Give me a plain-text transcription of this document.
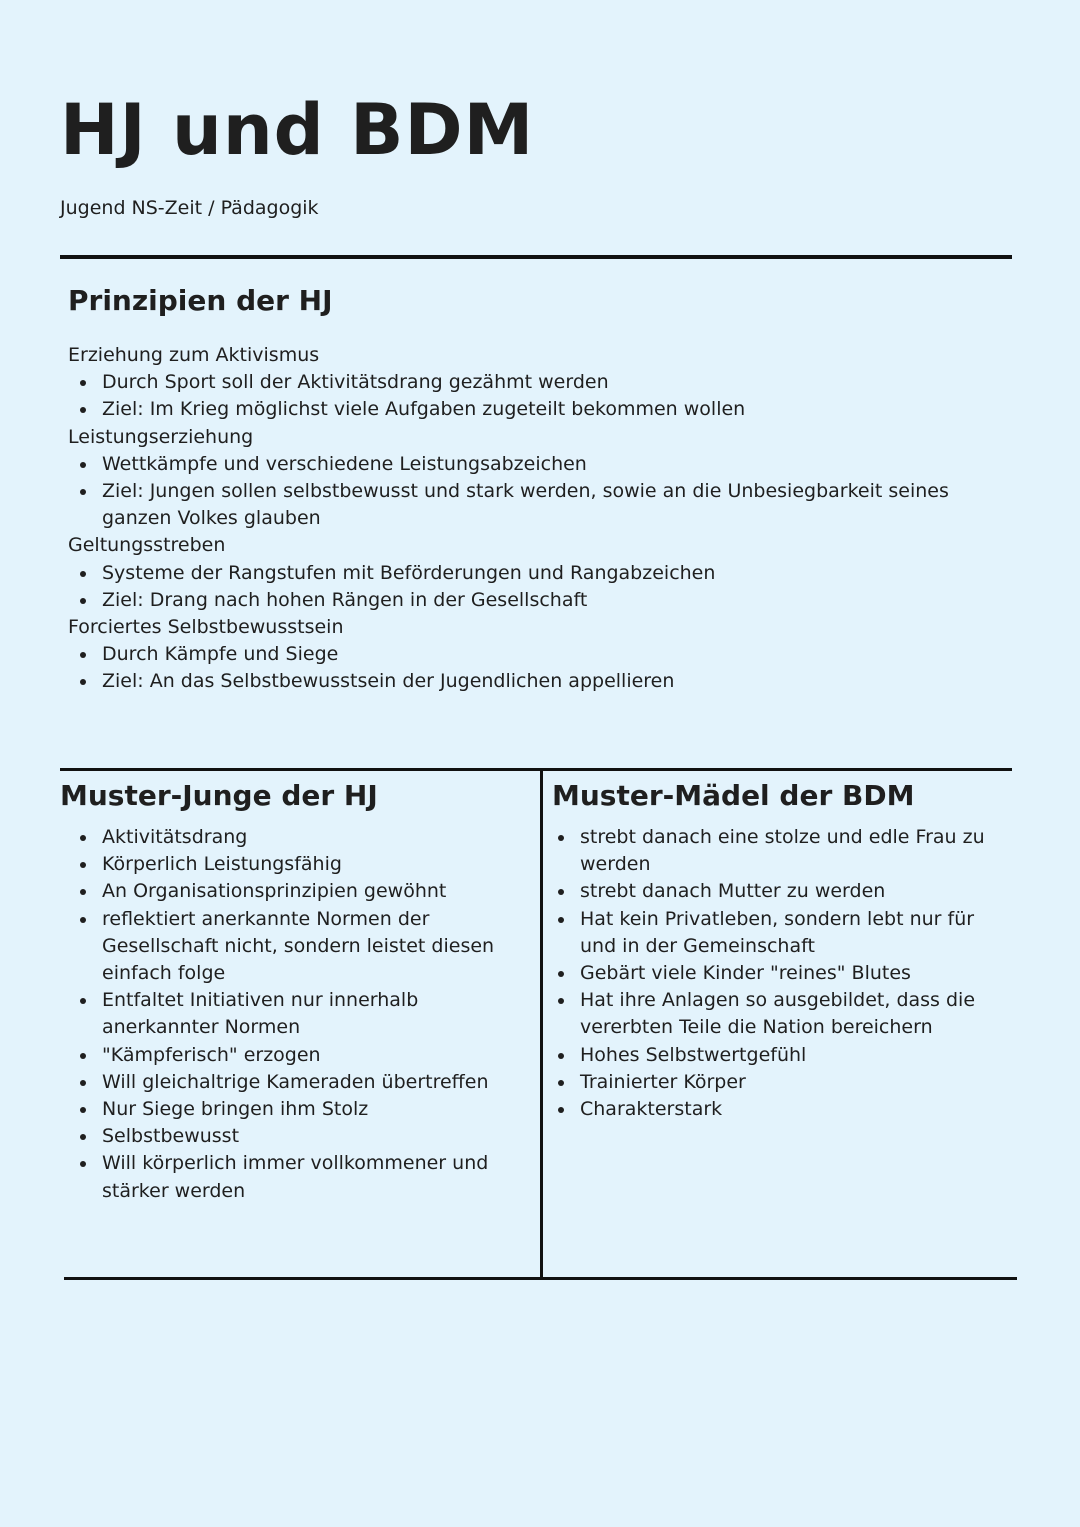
HJ und BDM
Jugend NS-Zeit / Pädagogik
Prinzipien der HJ

Erziehung zum Aktivismus

Durch Sport soll der Aktivitätsdrang gezähmt werden
Ziel: Im Krieg möglichst viele Aufgaben zugeteilt bekommen wollen

Leistungserziehung

Wettkämpfe und verschiedene Leistungsabzeichen
Ziel: Jungen sollen selbstbewusst und stark werden, sowie an die Unbesiegbarkeit seines ganzen Volkes glauben

Geltungsstreben

Systeme der Rangstufen mit Beförderungen und Rangabzeichen
Ziel: Drang nach hohen Rängen in der Gesellschaft

Forciertes Selbstbewusstsein

Durch Kämpfe und Siege
Ziel: An das Selbstbewusstsein der Jugendlichen appellieren
Muster-Junge der HJ
Aktivitätsdrang
Körperlich Leistungsfähig
An Organisationsprinzipien gewöhnt
reflektiert anerkannte Normen der Gesellschaft nicht, sondern leistet diesen einfach folge
Entfaltet Initiativen nur innerhalb anerkannter Normen
"Kämpferisch" erzogen
Will gleichaltrige Kameraden übertreffen
Nur Siege bringen ihm Stolz
Selbstbewusst
Will körperlich immer vollkommener und stärker werden
Muster-Mädel der BDM
strebt danach eine stolze und edle Frau zu werden
strebt danach Mutter zu werden
Hat kein Privatleben, sondern lebt nur für und in der Gemeinschaft
Gebärt viele Kinder "reines" Blutes
Hat ihre Anlagen so ausgebildet, dass die vererbten Teile die Nation bereichern
Hohes Selbstwertgefühl
Trainierter Körper
Charakterstark
